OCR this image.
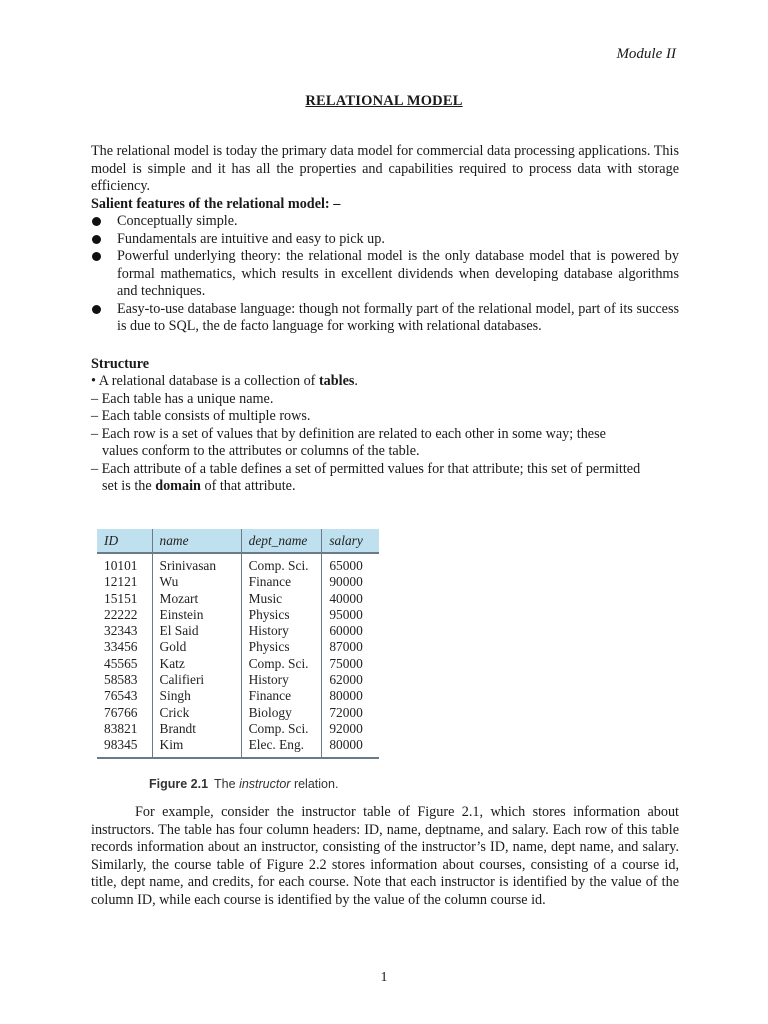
Module II
RELATIONAL MODEL
The relational model is today the primary data model for commercial data processing applications. This model is simple and it has all the properties and capabilities required to process data with storage efficiency.
Salient features of the relational model: –
Conceptually simple.
Fundamentals are intuitive and easy to pick up.
Powerful underlying theory: the relational model is the only database model that is powered by formal mathematics, which results in excellent dividends when developing database algorithms and techniques.
Easy-to-use database language: though not formally part of the relational model, part of its success is due to SQL, the de facto language for working with relational databases.
Structure
• A relational database is a collection of tables.
– Each table has a unique name.
– Each table consists of multiple rows.
– Each row is a set of values that by definition are related to each other in some way; these
values conform to the attributes or columns of the table.
– Each attribute of a table defines a set of permitted values for that attribute; this set of permitted
set is the domain of that attribute.
ID	name	dept_name	salary
10101	Srinivasan	Comp. Sci.	65000
12121	Wu	Finance	90000
15151	Mozart	Music	40000
22222	Einstein	Physics	95000
32343	El Said	History	60000
33456	Gold	Physics	87000
45565	Katz	Comp. Sci.	75000
58583	Califieri	History	62000
76543	Singh	Finance	80000
76766	Crick	Biology	72000
83821	Brandt	Comp. Sci.	92000
98345	Kim	Elec. Eng.	80000
Figure 2.1 The instructor relation.
For example, consider the instructor table of Figure 2.1, which stores information about instructors. The table has four column headers: ID, name, deptname, and salary. Each row of this table records information about an instructor, consisting of the instructor’s ID, name, dept name, and salary. Similarly, the course table of Figure 2.2 stores information about courses, consisting of a course id, title, dept name, and credits, for each course. Note that each instructor is identified by the value of the column ID, while each course is identified by the value of the column course id.
1
